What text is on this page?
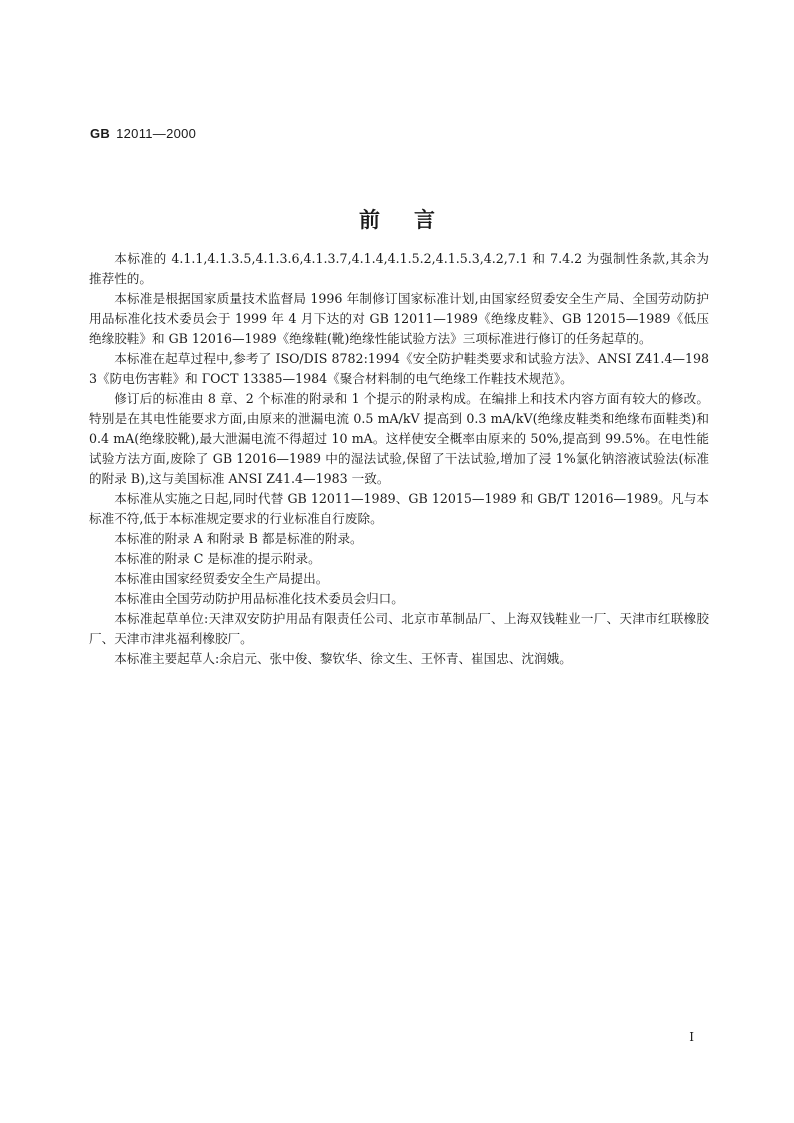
GB 12011—2000
前言

本标准的 4.1.1,4.1.3.5,4.1.3.6,4.1.3.7,4.1.4,4.1.5.2,4.1.5.3,4.2,7.1 和 7.4.2 为强制性条款,其余为推荐性的。

本标准是根据国家质量技术监督局 1996 年制修订国家标准计划,由国家经贸委安全生产局、全国劳动防护用品标准化技术委员会于 1999 年 4 月下达的对 GB 12011—1989《绝缘皮鞋》、GB 12015—1989《低压绝缘胶鞋》和 GB 12016—1989《绝缘鞋(靴)绝缘性能试验方法》三项标准进行修订的任务起草的。

本标准在起草过程中,参考了 ISO/DIS 8782:1994《安全防护鞋类要求和试验方法》、ANSI Z41.4—1983《防电伤害鞋》和 ГОСТ 13385—1984《聚合材料制的电气绝缘工作鞋技术规范》。

修订后的标准由 8 章、2 个标准的附录和 1 个提示的附录构成。在编排上和技术内容方面有较大的修改。特别是在其电性能要求方面,由原来的泄漏电流 0.5 mA/kV 提高到 0.3 mA/kV(绝缘皮鞋类和绝缘布面鞋类)和 0.4 mA(绝缘胶靴),最大泄漏电流不得超过 10 mA。这样使安全概率由原来的 50%,提高到 99.5%。在电性能试验方法方面,废除了 GB 12016—1989 中的湿法试验,保留了干法试验,增加了浸 1%氯化钠溶液试验法(标准的附录 B),这与美国标准 ANSI Z41.4—1983 一致。

本标准从实施之日起,同时代替 GB 12011—1989、GB 12015—1989 和 GB/T 12016—1989。凡与本标准不符,低于本标准规定要求的行业标准自行废除。

本标准的附录 A 和附录 B 都是标准的附录。

本标准的附录 C 是标准的提示附录。

本标准由国家经贸委安全生产局提出。

本标准由全国劳动防护用品标准化技术委员会归口。

本标准起草单位:天津双安防护用品有限责任公司、北京市革制品厂、上海双钱鞋业一厂、天津市红联橡胶厂、天津市津兆福利橡胶厂。

本标准主要起草人:余启元、张中俊、黎钦华、徐文生、王怀青、崔国忠、沈润娥。

I
